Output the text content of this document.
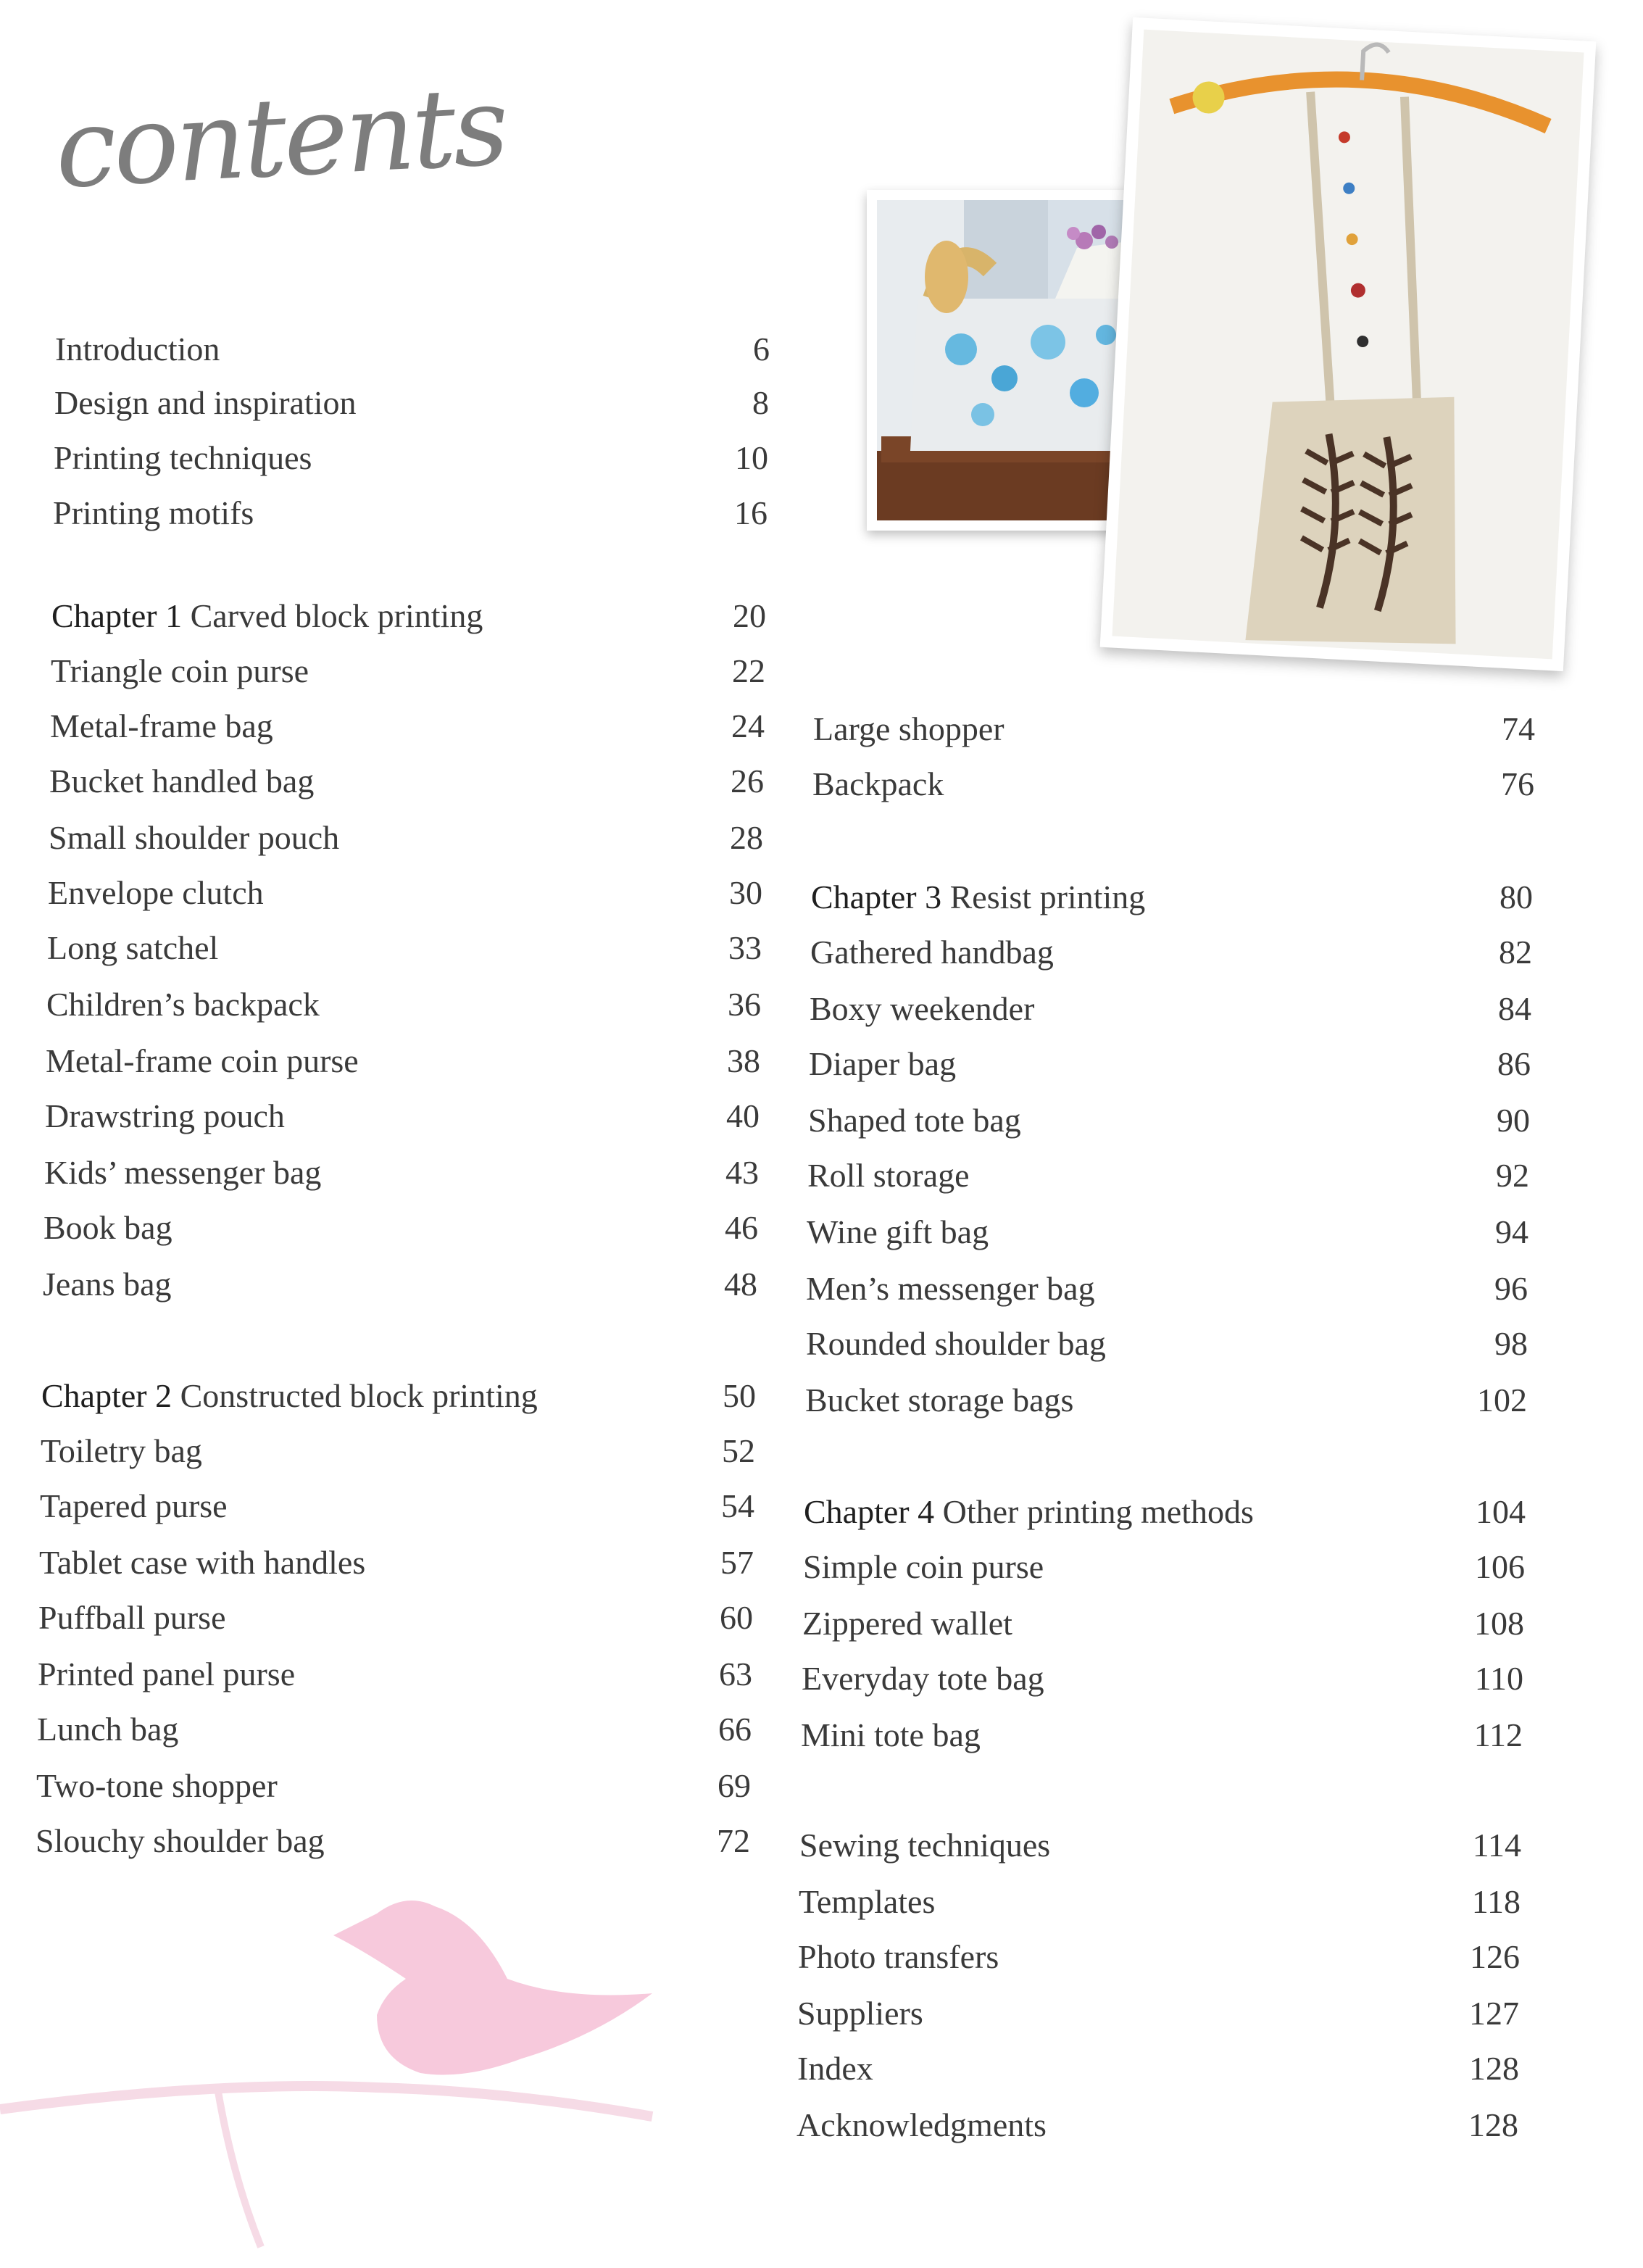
contents
Introduction	6
Design and inspiration	8
Printing techniques	10
Printing motifs	16
Chapter 1 Carved block printing	20
Triangle coin purse	22
Metal-frame bag	24
Bucket handled bag	26
Small shoulder pouch	28
Envelope clutch	30
Long satchel	33
Children’s backpack	36
Metal-frame coin purse	38
Drawstring pouch	40
Kids’ messenger bag	43
Book bag	46
Jeans bag	48
Chapter 2 Constructed block printing	50
Toiletry bag	52
Tapered purse	54
Tablet case with handles	57
Puffball purse	60
Printed panel purse	63
Lunch bag	66
Two-tone shopper	69
Slouchy shoulder bag	72
Large shopper	74
Backpack	76
Chapter 3 Resist printing	80
Gathered handbag	82
Boxy weekender	84
Diaper bag	86
Shaped tote bag	90
Roll storage	92
Wine gift bag	94
Men’s messenger bag	96
Rounded shoulder bag	98
Bucket storage bags	102
Chapter 4 Other printing methods	104
Simple coin purse	106
Zippered wallet	108
Everyday tote bag	110
Mini tote bag	112
Sewing techniques	114
Templates	118
Photo transfers	126
Suppliers	127
Index	128
Acknowledgments	128
